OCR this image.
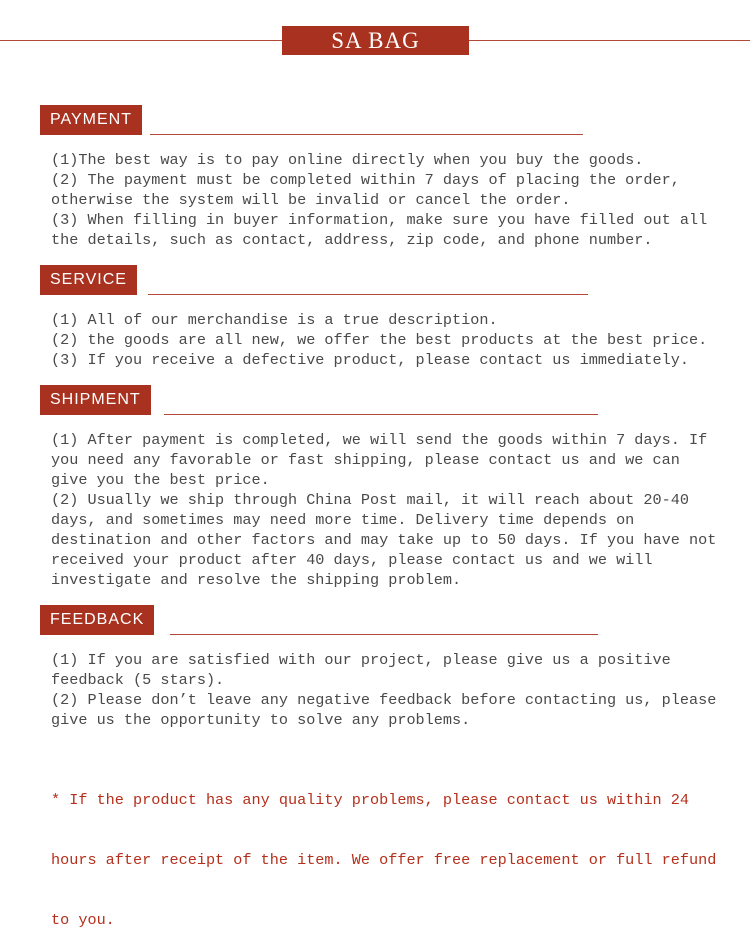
SA BAG
PAYMENT

(1)The best way is to pay online directly when you buy the goods.

(2) The payment must be completed within 7 days of placing the order,

otherwise the system will be invalid or cancel the order.

(3) When filling in buyer information, make sure you have filled out all

the details, such as contact, address, zip code, and phone number.

SERVICE

(1) All of our merchandise is a true description.

(2) the goods are all new, we offer the best products at the best price.

(3) If you receive a defective product, please contact us immediately.

SHIPMENT

(1) After payment is completed, we will send the goods within 7 days. If

you need any favorable or fast shipping, please contact us and we can

give you the best price.

(2) Usually we ship through China Post mail, it will reach about 20-40

days, and sometimes may need more time. Delivery time depends on

destination and other factors and may take up to 50 days. If you have not

received your product after 40 days, please contact us and we will

investigate and resolve the shipping problem.

FEEDBACK

(1) If you are satisfied with our project, please give us a positive

feedback (5 stars).

(2) Please don’t leave any negative feedback before contacting us, please

give us the opportunity to solve any problems.

* If the product has any quality problems, please contact us within 24

hours after receipt of the item. We offer free replacement or full refund

to you.
